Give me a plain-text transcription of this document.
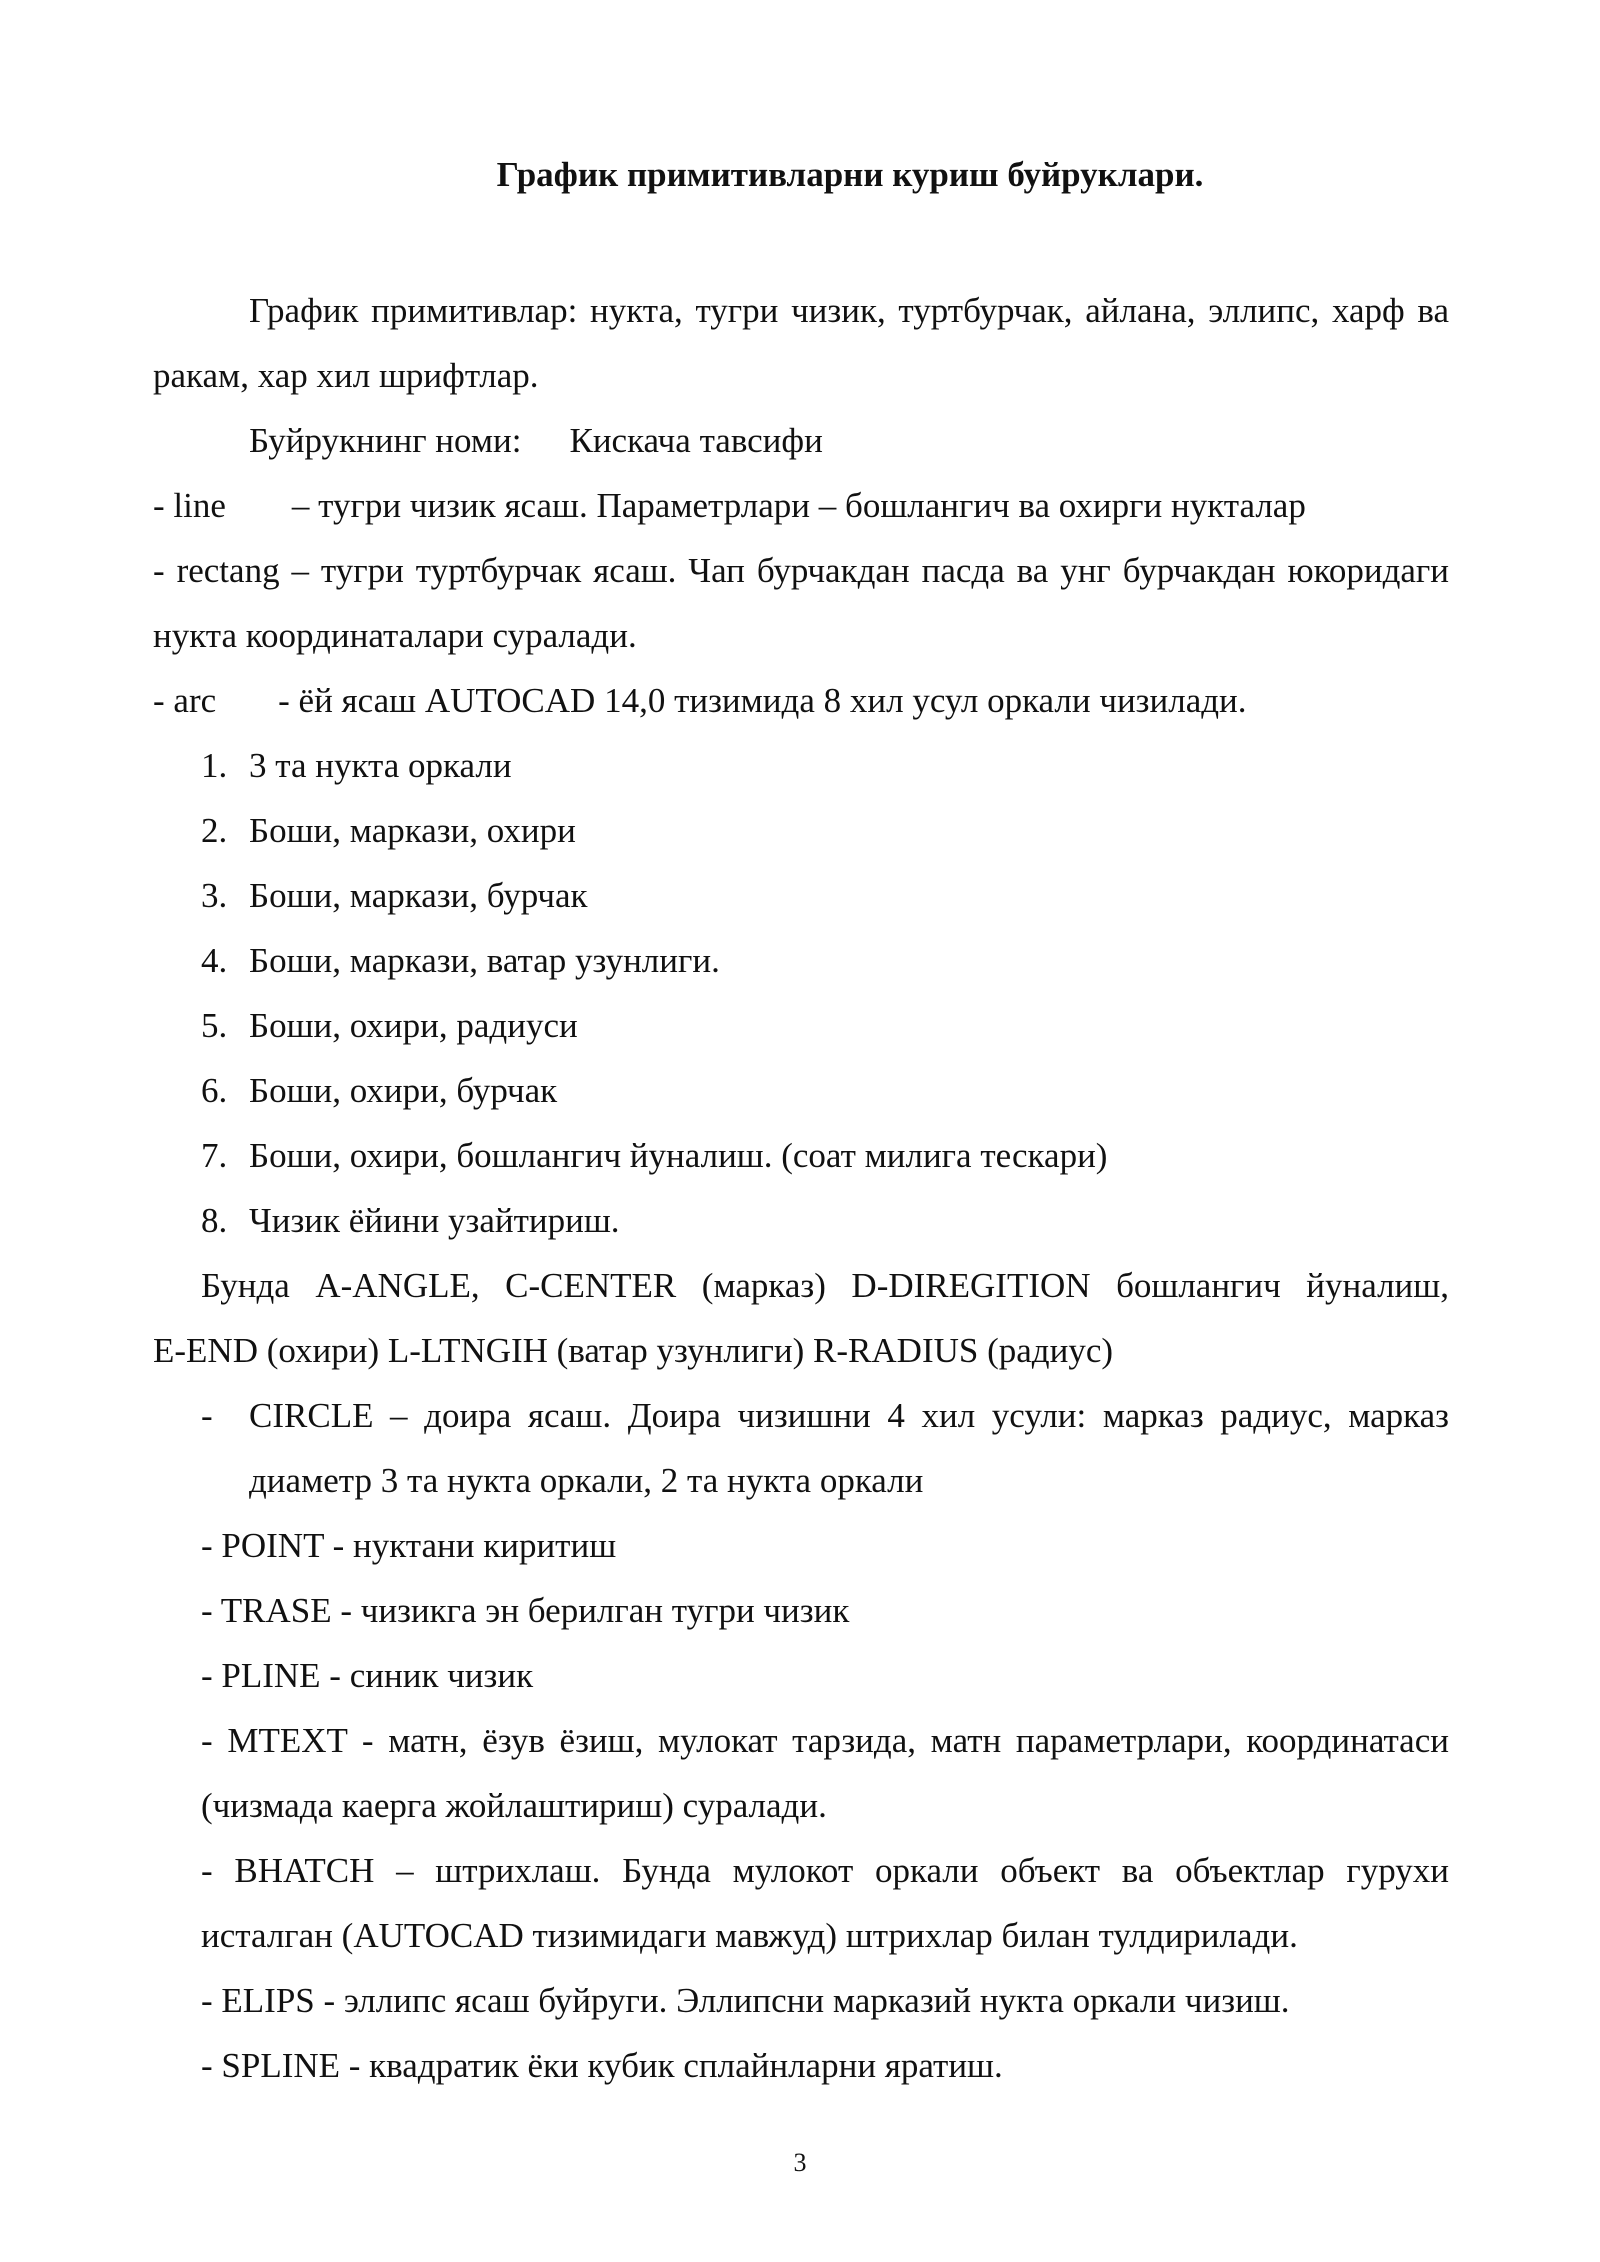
График примитивларни куриш буйруклари.

График примитивлар: нукта, тугри чизик, туртбурчак, айлана, эллипс, харф ва ракам, хар хил шрифтлар.

Буйрукнинг номи: Кискача тавсифи
- line – тугри чизик ясаш. Параметрлари – бошлангич ва охирги нукталар

- rectang – тугри туртбурчак ясаш. Чап бурчакдан пасда ва унг бурчакдан юкоридаги нукта координаталари суралади.

- arc - ёй ясаш AUTOCAD 14,0 тизимида 8 хил усул оркали чизилади.
1. 3 та нукта оркали
2. Боши, маркази, охири
3. Боши, маркази, бурчак
4. Боши, маркази, ватар узунлиги.
5. Боши, охири, радиуси
6. Боши, охири, бурчак
7. Боши, охири, бошлангич йуналиш. (соат милига тескари)
8. Чизик ёйини узайтириш.
Бунда A-ANGLE, C-CENTER (марказ) D-DIREGITION бошлангич йуналиш,
E-END (охири) L-LTNGIH (ватар узунлиги) R-RADIUS (радиус)
- CIRCLE – доира ясаш. Доира чизишни 4 хил усули: марказ радиус, марказ диаметр 3 та нукта оркали, 2 та нукта оркали
- POINT - нуктани киритиш
- TRASE - чизикга эн берилган тугри чизик
- PLINE - синик чизик

- MTEXT - матн, ёзув ёзиш, мулокат тарзида, матн параметрлари, координатаси (чизмада каерга жойлаштириш) суралади.

- BHATCH – штрихлаш. Бунда мулокот оркали объект ва объектлар гурухи исталган (AUTOCAD тизимидаги мавжуд) штрихлар билан тулдирилади.

- ELIPS - эллипс ясаш буйруги. Эллипсни марказий нукта оркали чизиш.
- SPLINE - квадратик ёки кубик сплайнларни яратиш.
3
